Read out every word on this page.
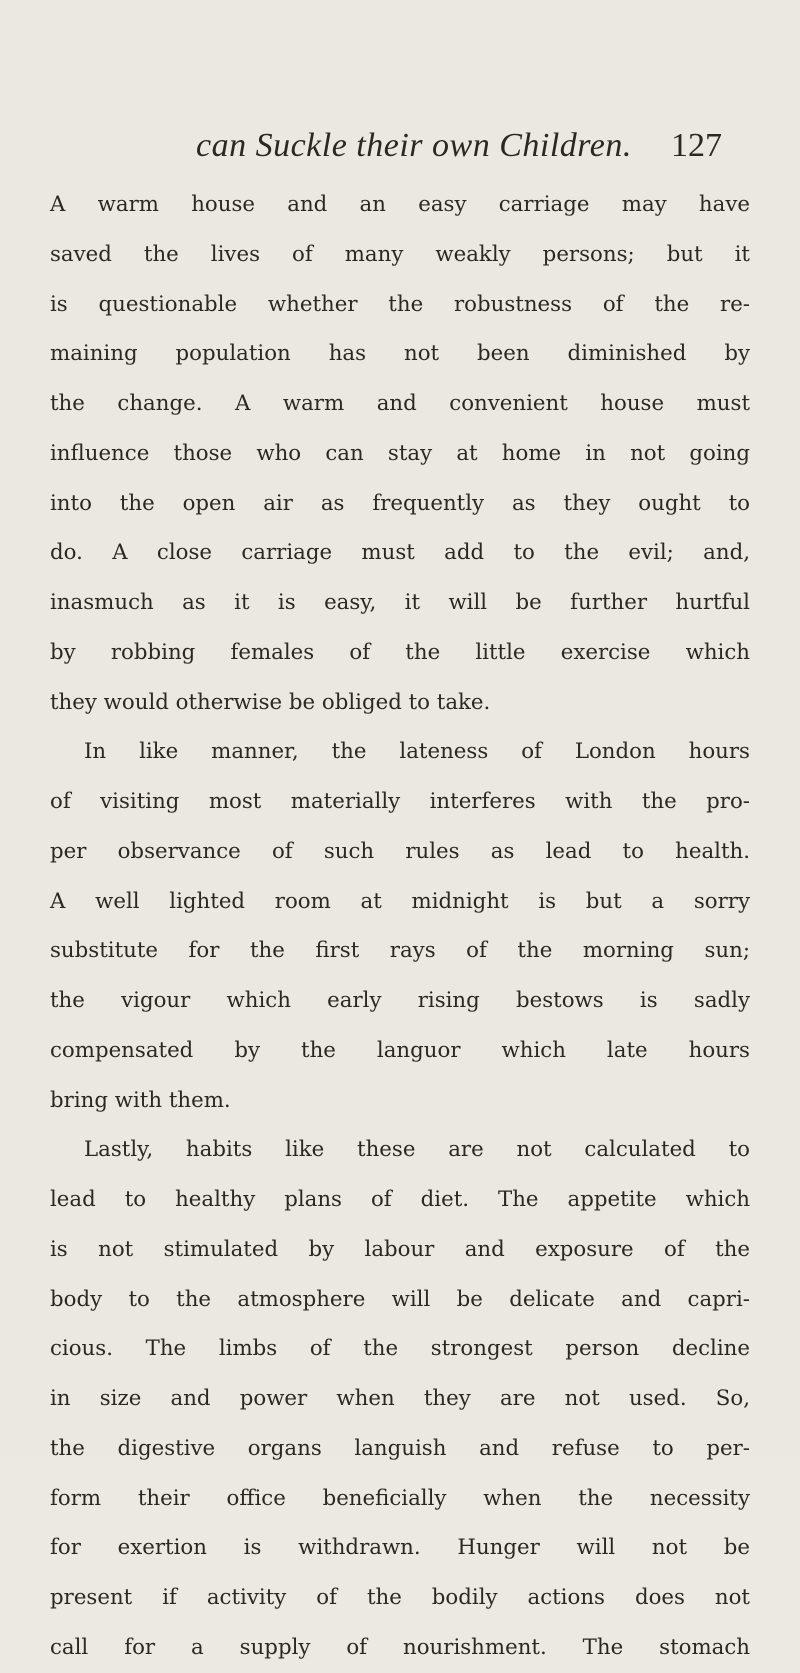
can Suckle their own Children. 127
A warm house and an easy carriage may have
saved the lives of many weakly persons; but it
is questionable whether the robustness of the re-
maining population has not been diminished by
the change. A warm and convenient house must
influence those who can stay at home in not going
into the open air as frequently as they ought to
do. A close carriage must add to the evil; and,
inasmuch as it is easy, it will be further hurtful
by robbing females of the little exercise which
they would otherwise be obliged to take.
In like manner, the lateness of London hours
of visiting most materially interferes with the pro-
per observance of such rules as lead to health.
A well lighted room at midnight is but a sorry
substitute for the first rays of the morning sun;
the vigour which early rising bestows is sadly
compensated by the languor which late hours
bring with them.
Lastly, habits like these are not calculated to
lead to healthy plans of diet. The appetite which
is not stimulated by labour and exposure of the
body to the atmosphere will be delicate and capri-
cious. The limbs of the strongest person decline
in size and power when they are not used. So,
the digestive organs languish and refuse to per-
form their office beneficially when the necessity
for exertion is withdrawn. Hunger will not be
present if activity of the bodily actions does not
call for a supply of nourishment. The stomach
